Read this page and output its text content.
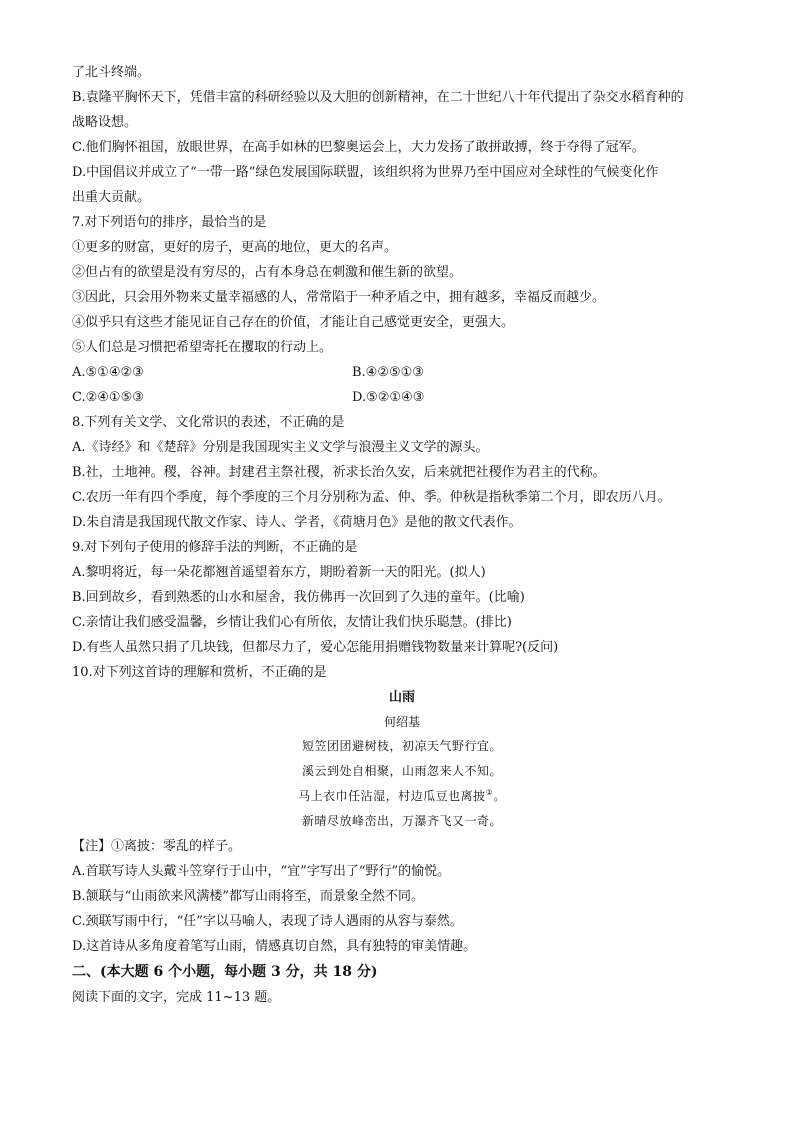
了北斗终端。

B.袁隆平胸怀天下，凭借丰富的科研经验以及大胆的创新精神，在二十世纪八十年代提出了杂交水稻育种的

战略设想。

C.他们胸怀祖国，放眼世界，在高手如林的巴黎奥运会上，大力发扬了敢拼敢搏，终于夺得了冠军。

D.中国倡议并成立了“一带一路”绿色发展国际联盟，该组织将为世界乃至中国应对全球性的气候变化作

出重大贡献。

7.对下列语句的排序，最恰当的是

①更多的财富，更好的房子，更高的地位，更大的名声。

②但占有的欲望是没有穷尽的，占有本身总在刺激和催生新的欲望。

③因此，只会用外物来丈量幸福感的人，常常陷于一种矛盾之中，拥有越多，幸福反而越少。

④似乎只有这些才能见证自己存在的价值，才能让自己感觉更安全，更强大。

⑤人们总是习惯把希望寄托在攫取的行动上。

A.⑤①④②③	B.④②⑤①③
C.②④①⑤③	D.⑤②①④③

8.下列有关文学、文化常识的表述，不正确的是

A.《诗经》和《楚辞》分别是我国现实主义文学与浪漫主义文学的源头。

B.社，土地神。稷，谷神。封建君主祭社稷，祈求长治久安，后来就把社稷作为君主的代称。

C.农历一年有四个季度，每个季度的三个月分别称为孟、仲、季。仲秋是指秋季第二个月，即农历八月。

D.朱自清是我国现代散文作家、诗人、学者，《荷塘月色》是他的散文代表作。

9.对下列句子使用的修辞手法的判断，不正确的是

A.黎明将近，每一朵花都翘首遥望着东方，期盼着新一天的阳光。(拟人)

B.回到故乡，看到熟悉的山水和屋舍，我仿佛再一次回到了久违的童年。(比喻)

C.亲情让我们感受温馨，乡情让我们心有所依，友情让我们快乐聪慧。(排比)

D.有些人虽然只捐了几块钱，但都尽力了，爱心怎能用捐赠钱物数量来计算呢?(反问)

10.对下列这首诗的理解和赏析，不正确的是

山雨

何绍基

短笠团团避树枝，初凉天气野行宜。

溪云到处自相聚，山雨忽来人不知。

马上衣巾任沾湿，村边瓜豆也离披①。

新晴尽放峰峦出，万瀑齐飞又一奇。

【注】①离披：零乱的样子。

A.首联写诗人头戴斗笠穿行于山中，“宜”字写出了“野行”的愉悦。

B.颔联与“山雨欲来风满楼”都写山雨将至，而景象全然不同。

C.颈联写雨中行，“任”字以马喻人，表现了诗人遇雨的从容与泰然。

D.这首诗从多角度着笔写山雨，情感真切自然，具有独特的审美情趣。

二、(本大题 6 个小题，每小题 3 分，共 18 分)

阅读下面的文字，完成 11~13 题。
